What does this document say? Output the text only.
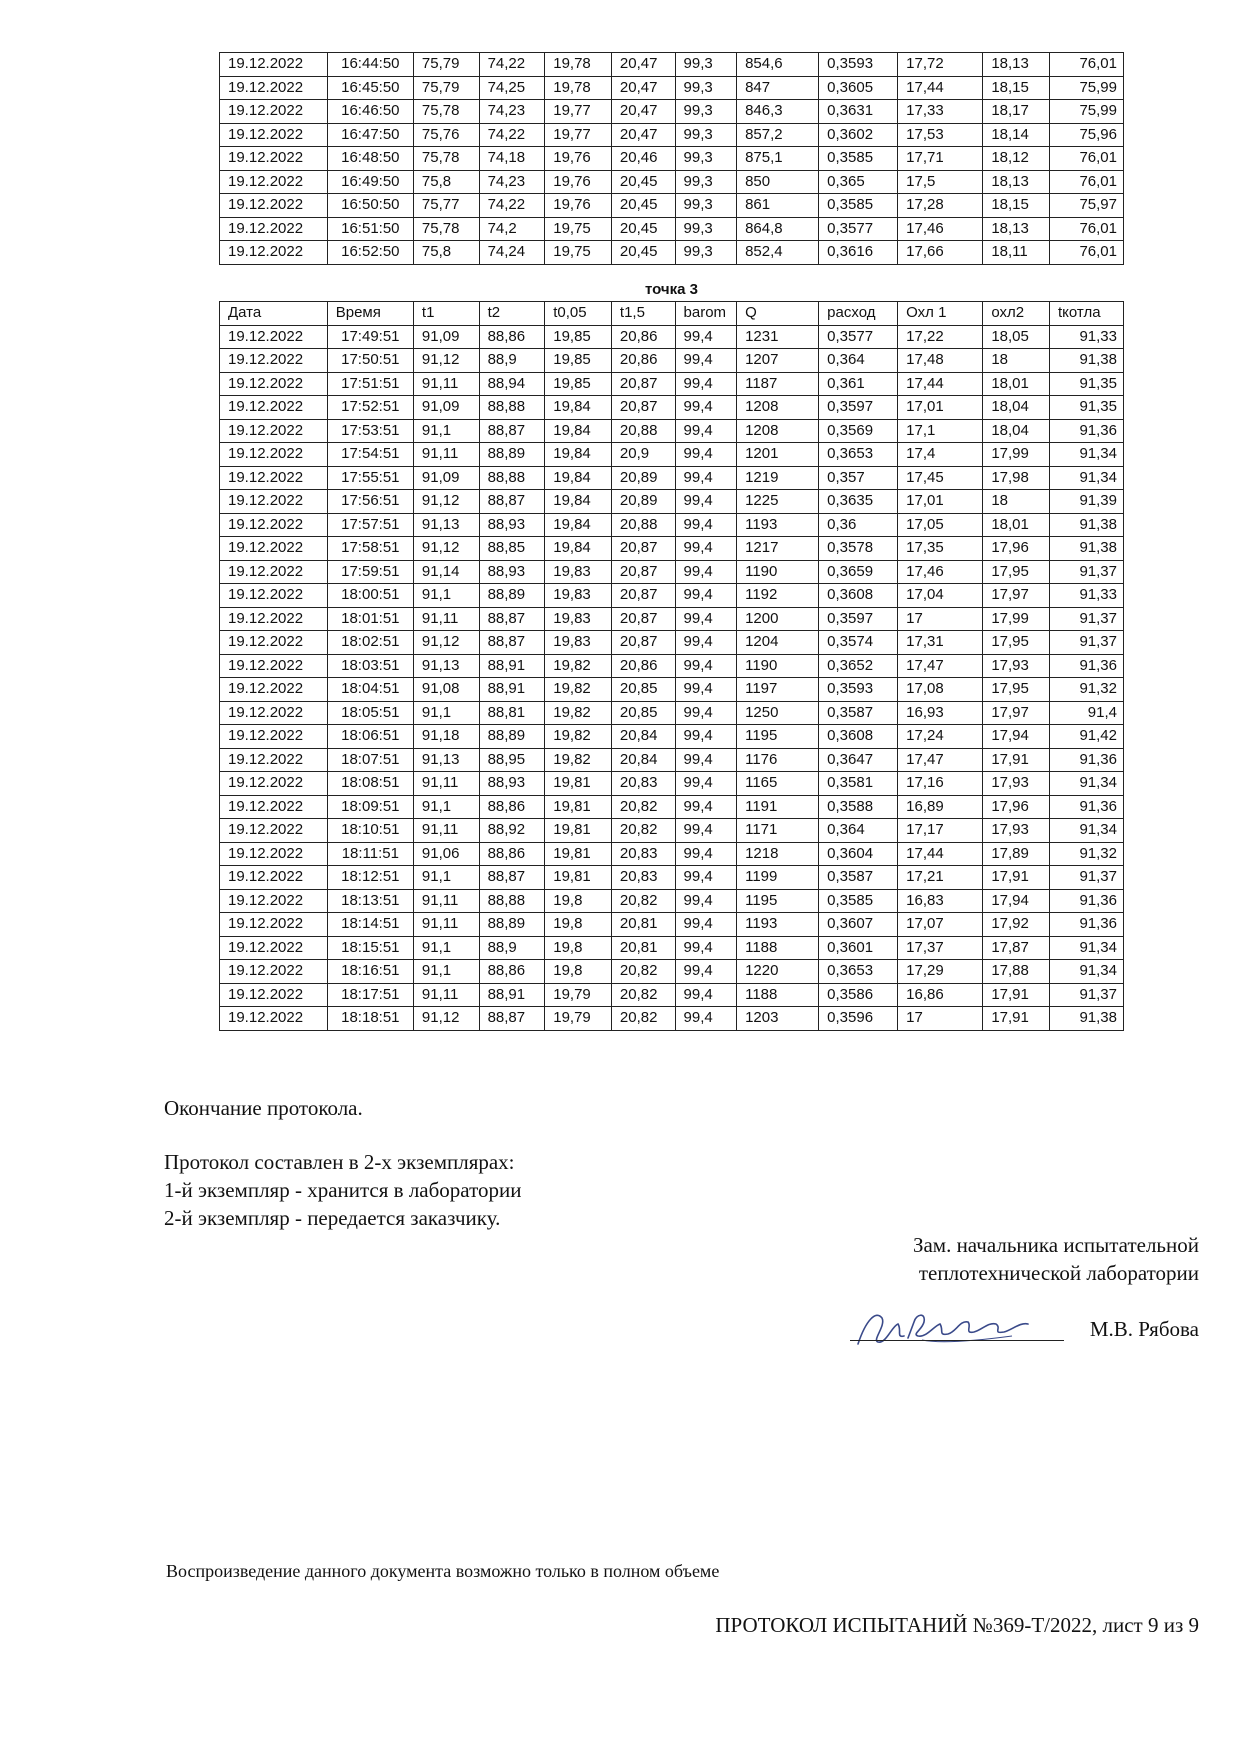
19.12.2022	16:44:50	75,79	74,22	19,78	20,47	99,3	854,6	0,3593	17,72	18,13	76,01
19.12.2022	16:45:50	75,79	74,25	19,78	20,47	99,3	847	0,3605	17,44	18,15	75,99
19.12.2022	16:46:50	75,78	74,23	19,77	20,47	99,3	846,3	0,3631	17,33	18,17	75,99
19.12.2022	16:47:50	75,76	74,22	19,77	20,47	99,3	857,2	0,3602	17,53	18,14	75,96
19.12.2022	16:48:50	75,78	74,18	19,76	20,46	99,3	875,1	0,3585	17,71	18,12	76,01
19.12.2022	16:49:50	75,8	74,23	19,76	20,45	99,3	850	0,365	17,5	18,13	76,01
19.12.2022	16:50:50	75,77	74,22	19,76	20,45	99,3	861	0,3585	17,28	18,15	75,97
19.12.2022	16:51:50	75,78	74,2	19,75	20,45	99,3	864,8	0,3577	17,46	18,13	76,01
19.12.2022	16:52:50	75,8	74,24	19,75	20,45	99,3	852,4	0,3616	17,66	18,11	76,01
точка 3
Дата	Время	t1	t2	t0,05	t1,5	barom	Q	расход	Охл 1	охл2	tкотла
19.12.2022	17:49:51	91,09	88,86	19,85	20,86	99,4	1231	0,3577	17,22	18,05	91,33
19.12.2022	17:50:51	91,12	88,9	19,85	20,86	99,4	1207	0,364	17,48	18	91,38
19.12.2022	17:51:51	91,11	88,94	19,85	20,87	99,4	1187	0,361	17,44	18,01	91,35
19.12.2022	17:52:51	91,09	88,88	19,84	20,87	99,4	1208	0,3597	17,01	18,04	91,35
19.12.2022	17:53:51	91,1	88,87	19,84	20,88	99,4	1208	0,3569	17,1	18,04	91,36
19.12.2022	17:54:51	91,11	88,89	19,84	20,9	99,4	1201	0,3653	17,4	17,99	91,34
19.12.2022	17:55:51	91,09	88,88	19,84	20,89	99,4	1219	0,357	17,45	17,98	91,34
19.12.2022	17:56:51	91,12	88,87	19,84	20,89	99,4	1225	0,3635	17,01	18	91,39
19.12.2022	17:57:51	91,13	88,93	19,84	20,88	99,4	1193	0,36	17,05	18,01	91,38
19.12.2022	17:58:51	91,12	88,85	19,84	20,87	99,4	1217	0,3578	17,35	17,96	91,38
19.12.2022	17:59:51	91,14	88,93	19,83	20,87	99,4	1190	0,3659	17,46	17,95	91,37
19.12.2022	18:00:51	91,1	88,89	19,83	20,87	99,4	1192	0,3608	17,04	17,97	91,33
19.12.2022	18:01:51	91,11	88,87	19,83	20,87	99,4	1200	0,3597	17	17,99	91,37
19.12.2022	18:02:51	91,12	88,87	19,83	20,87	99,4	1204	0,3574	17,31	17,95	91,37
19.12.2022	18:03:51	91,13	88,91	19,82	20,86	99,4	1190	0,3652	17,47	17,93	91,36
19.12.2022	18:04:51	91,08	88,91	19,82	20,85	99,4	1197	0,3593	17,08	17,95	91,32
19.12.2022	18:05:51	91,1	88,81	19,82	20,85	99,4	1250	0,3587	16,93	17,97	91,4
19.12.2022	18:06:51	91,18	88,89	19,82	20,84	99,4	1195	0,3608	17,24	17,94	91,42
19.12.2022	18:07:51	91,13	88,95	19,82	20,84	99,4	1176	0,3647	17,47	17,91	91,36
19.12.2022	18:08:51	91,11	88,93	19,81	20,83	99,4	1165	0,3581	17,16	17,93	91,34
19.12.2022	18:09:51	91,1	88,86	19,81	20,82	99,4	1191	0,3588	16,89	17,96	91,36
19.12.2022	18:10:51	91,11	88,92	19,81	20,82	99,4	1171	0,364	17,17	17,93	91,34
19.12.2022	18:11:51	91,06	88,86	19,81	20,83	99,4	1218	0,3604	17,44	17,89	91,32
19.12.2022	18:12:51	91,1	88,87	19,81	20,83	99,4	1199	0,3587	17,21	17,91	91,37
19.12.2022	18:13:51	91,11	88,88	19,8	20,82	99,4	1195	0,3585	16,83	17,94	91,36
19.12.2022	18:14:51	91,11	88,89	19,8	20,81	99,4	1193	0,3607	17,07	17,92	91,36
19.12.2022	18:15:51	91,1	88,9	19,8	20,81	99,4	1188	0,3601	17,37	17,87	91,34
19.12.2022	18:16:51	91,1	88,86	19,8	20,82	99,4	1220	0,3653	17,29	17,88	91,34
19.12.2022	18:17:51	91,11	88,91	19,79	20,82	99,4	1188	0,3586	16,86	17,91	91,37
19.12.2022	18:18:51	91,12	88,87	19,79	20,82	99,4	1203	0,3596	17	17,91	91,38
Окончание протокола.
Протокол составлен в 2-х экземплярах:
1-й экземпляр - хранится в лаборатории
2-й экземпляр - передается заказчику.
Зам. начальника испытательной
теплотехнической лаборатории
М.В. Рябова
Воспроизведение данного документа возможно только в полном объеме
ПРОТОКОЛ ИСПЫТАНИЙ №369-Т/2022, лист 9 из 9
